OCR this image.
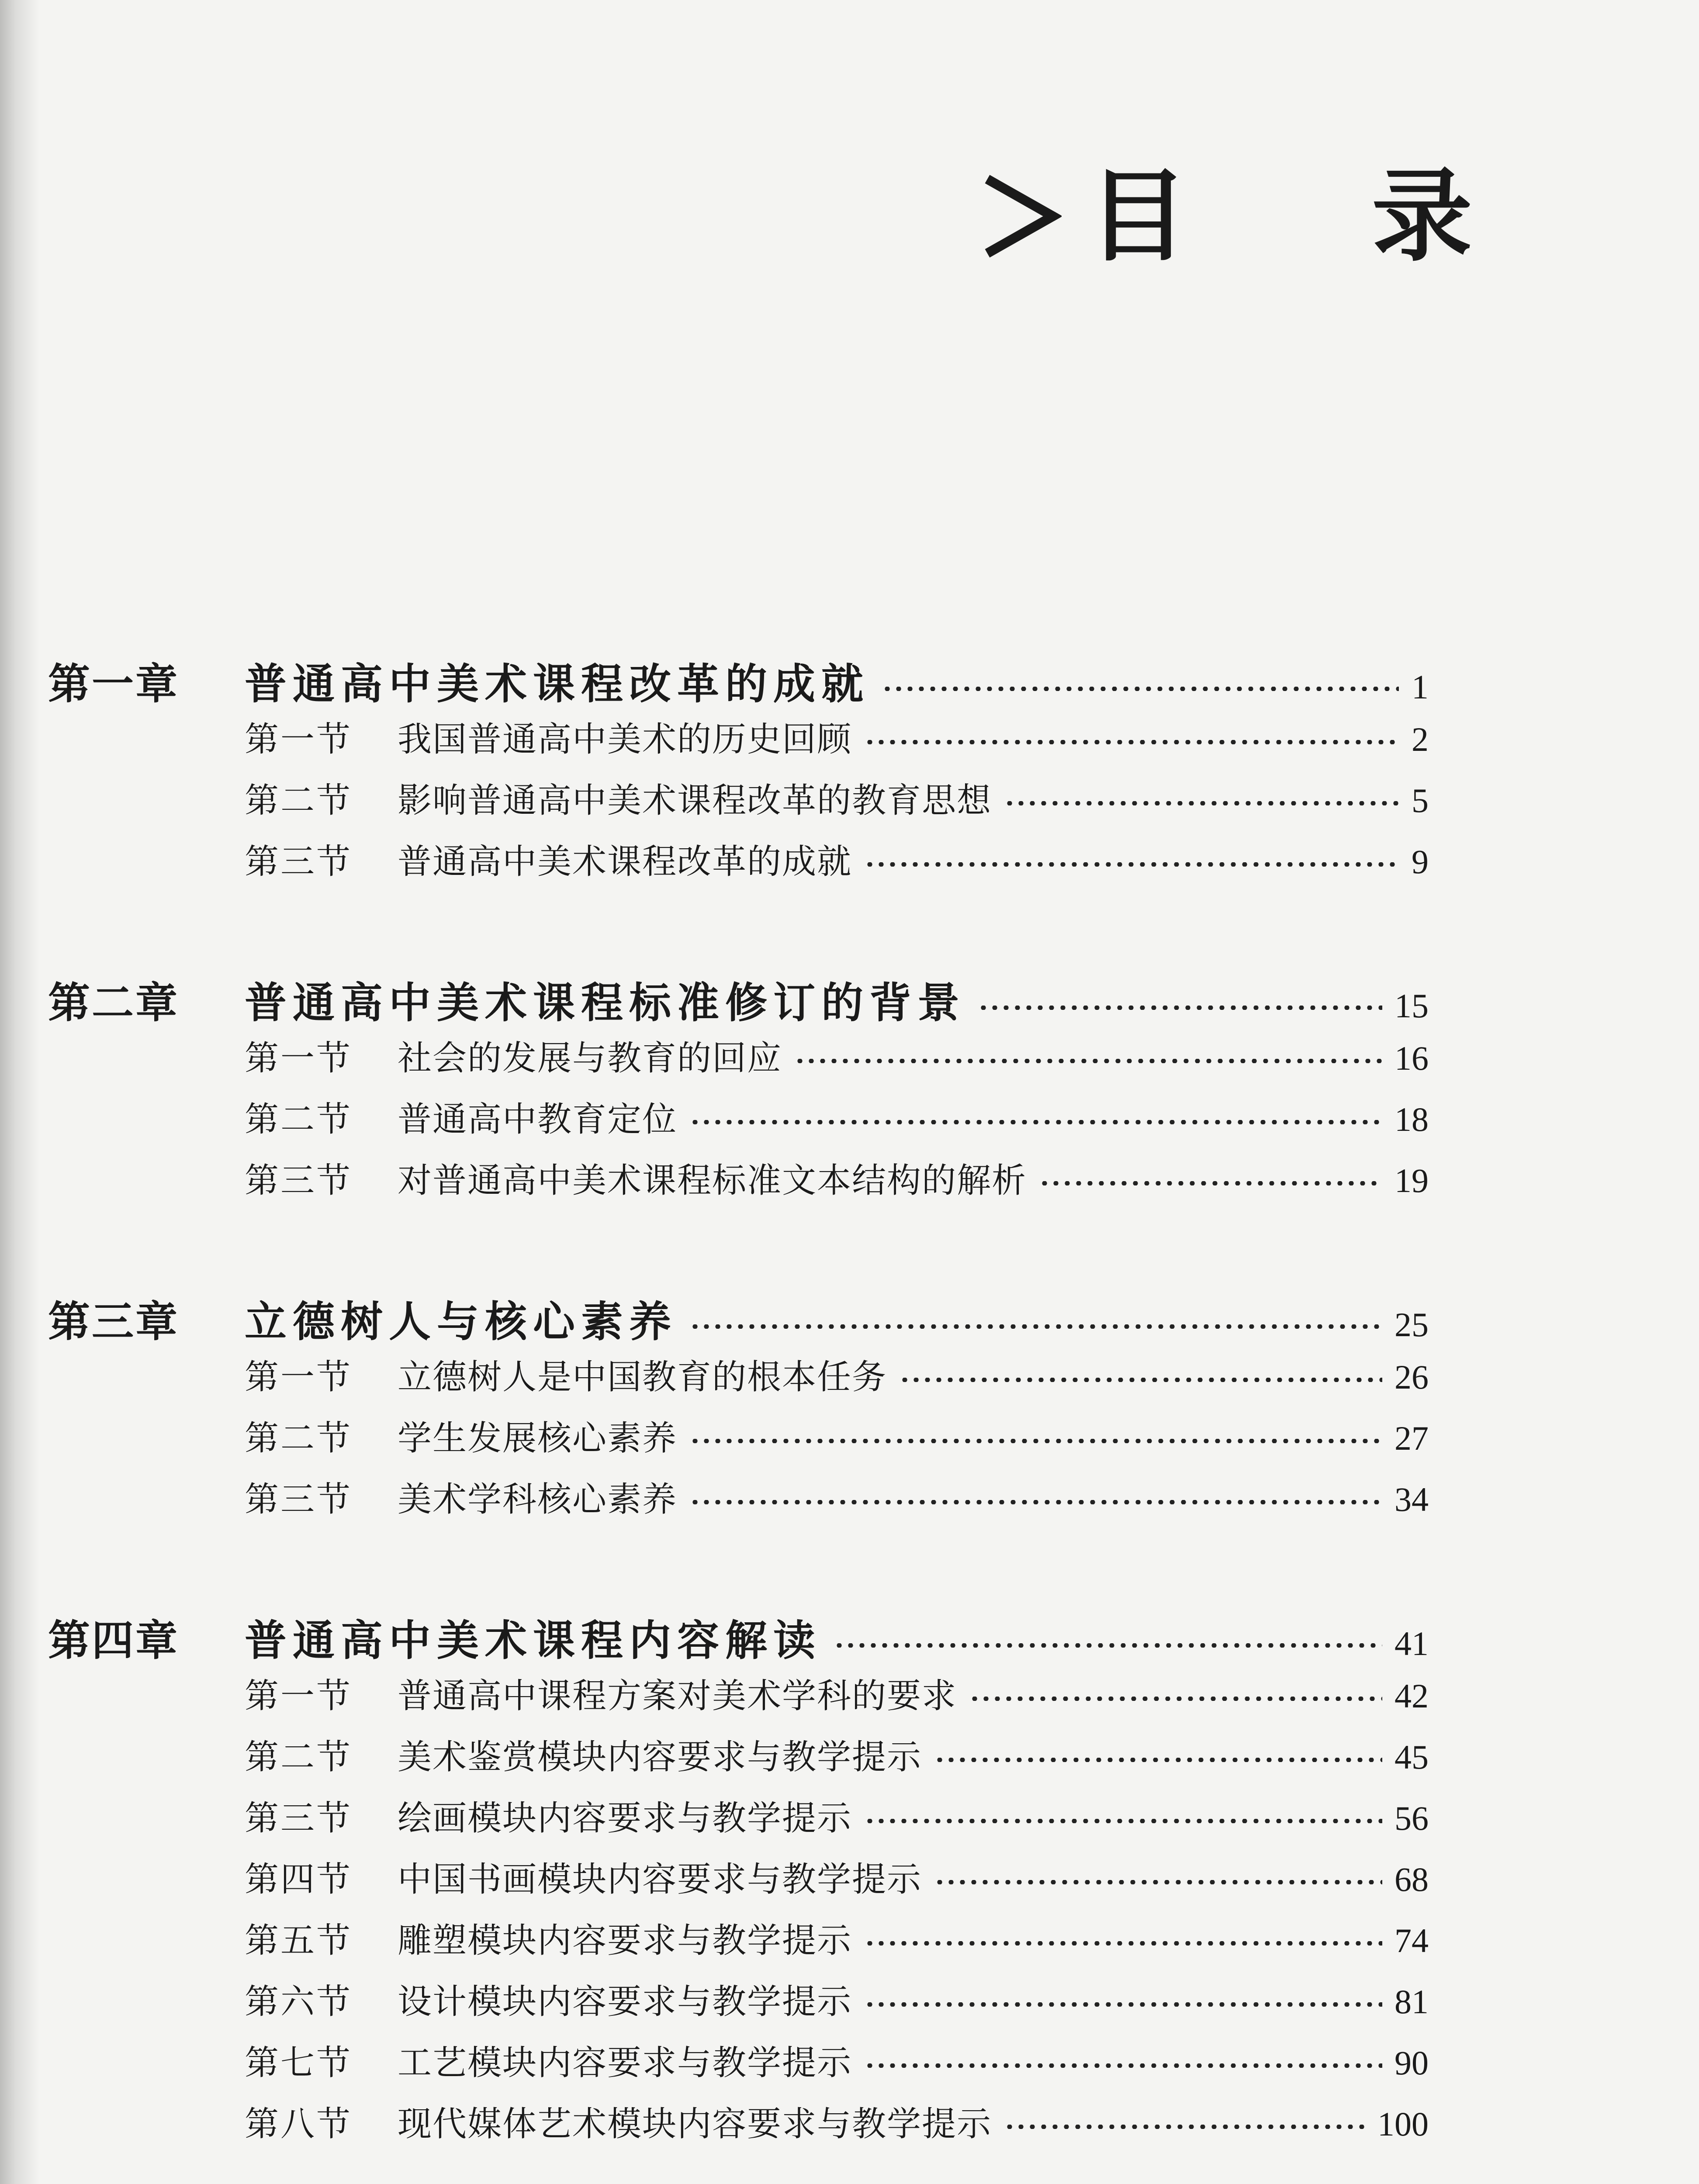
目 录
第一章	普通高中美术课程改革的成就	1
第一节	我国普通高中美术的历史回顾	2
第二节	影响普通高中美术课程改革的教育思想	5
第三节	普通高中美术课程改革的成就	9
第二章	普通高中美术课程标准修订的背景	15
第一节	社会的发展与教育的回应	16
第二节	普通高中教育定位	18
第三节	对普通高中美术课程标准文本结构的解析	19
第三章	立德树人与核心素养	25
第一节	立德树人是中国教育的根本任务	26
第二节	学生发展核心素养	27
第三节	美术学科核心素养	34
第四章	普通高中美术课程内容解读	41
第一节	普通高中课程方案对美术学科的要求	42
第二节	美术鉴赏模块内容要求与教学提示	45
第三节	绘画模块内容要求与教学提示	56
第四节	中国书画模块内容要求与教学提示	68
第五节	雕塑模块内容要求与教学提示	74
第六节	设计模块内容要求与教学提示	81
第七节	工艺模块内容要求与教学提示	90
第八节	现代媒体艺术模块内容要求与教学提示	100
